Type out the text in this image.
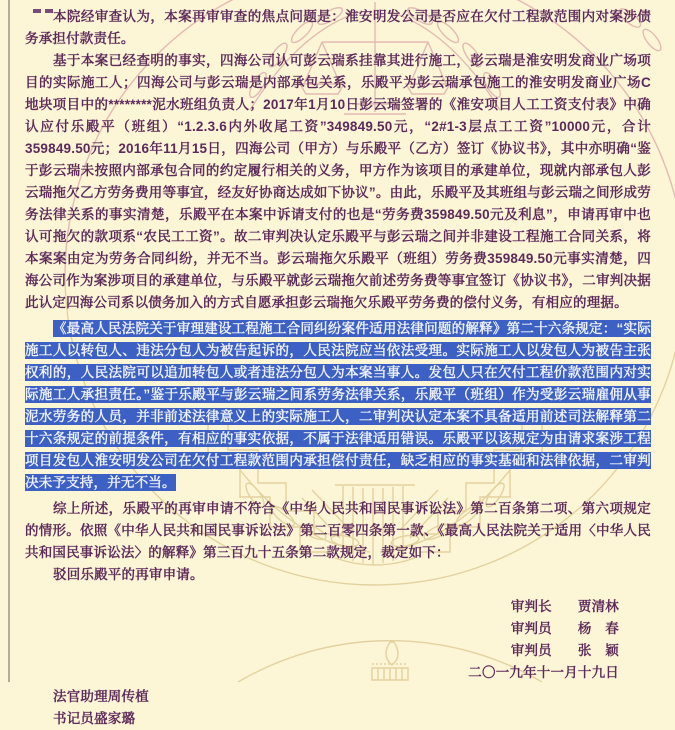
本院经审查认为，本案再审审查的焦点问题是：淮安明发公司是否应在欠付工程款范围内对案涉债务承担付款责任。

基于本案已经查明的事实，四海公司认可彭云瑞系挂靠其进行施工，彭云瑞是淮安明发商业广场项目的实际施工人；四海公司与彭云瑞是内部承包关系，乐殿平为彭云瑞承包施工的淮安明发商业广场C地块项目中的********泥水班组负责人；2017年1月10日彭云瑞签署的《淮安项目人工工资支付表》中确认应付乐殿平（班组）“1.2.3.6内外收尾工资”349849.50元，“2#1-3层点工工资”10000元，合计359849.50元；2016年11月15日，四海公司（甲方）与乐殿平（乙方）签订《协议书》，其中亦明确“鉴于彭云瑞未按照内部承包合同的约定履行相关的义务，甲方作为该项目的承建单位，现就内部承包人彭云瑞拖欠乙方劳务费用等事宜，经友好协商达成如下协议”。由此，乐殿平及其班组与彭云瑞之间形成劳务法律关系的事实清楚，乐殿平在本案中诉请支付的也是“劳务费359849.50元及利息”，申请再审中也认可拖欠的款项系“农民工工资”。故二审判决认定乐殿平与彭云瑞之间并非建设工程施工合同关系，将本案案由定为劳务合同纠纷，并无不当。彭云瑞拖欠乐殿平（班组）劳务费359849.50元事实清楚，四海公司作为案涉项目的承建单位，与乐殿平就彭云瑞拖欠前述劳务费等事宜签订《协议书》，二审判决据此认定四海公司系以债务加入的方式自愿承担彭云瑞拖欠乐殿平劳务费的偿付义务，有相应的理据。

《最高人民法院关于审理建设工程施工合同纠纷案件适用法律问题的解释》第二十六条规定：“实际施工人以转包人、违法分包人为被告起诉的，人民法院应当依法受理。实际施工人以发包人为被告主张权利的，人民法院可以追加转包人或者违法分包人为本案当事人。发包人只在欠付工程价款范围内对实际施工人承担责任。”鉴于乐殿平与彭云瑞之间系劳务法律关系，乐殿平（班组）作为受彭云瑞雇佣从事泥水劳务的人员，并非前述法律意义上的实际施工人，二审判决认定本案不具备适用前述司法解释第二十六条规定的前提条件，有相应的事实依据，不属于法律适用错误。乐殿平以该规定为由请求案涉工程项目发包人淮安明发公司在欠付工程款范围内承担偿付责任，缺乏相应的事实基础和法律依据，二审判决未予支持，并无不当。

综上所述，乐殿平的再审申请不符合《中华人民共和国民事诉讼法》第二百条第二项、第六项规定的情形。依照《中华人民共和国民事诉讼法》第二百零四条第一款、《最高人民法院关于适用〈中华人民共和国民事诉讼法〉的解释》第三百九十五条第二款规定，裁定如下：

驳回乐殿平的再审申请。

审判长 贾清林
审判员 杨　春
审判员 张　颖
二〇一九年十一月十九日
法官助理周传植
书记员盛家璐
